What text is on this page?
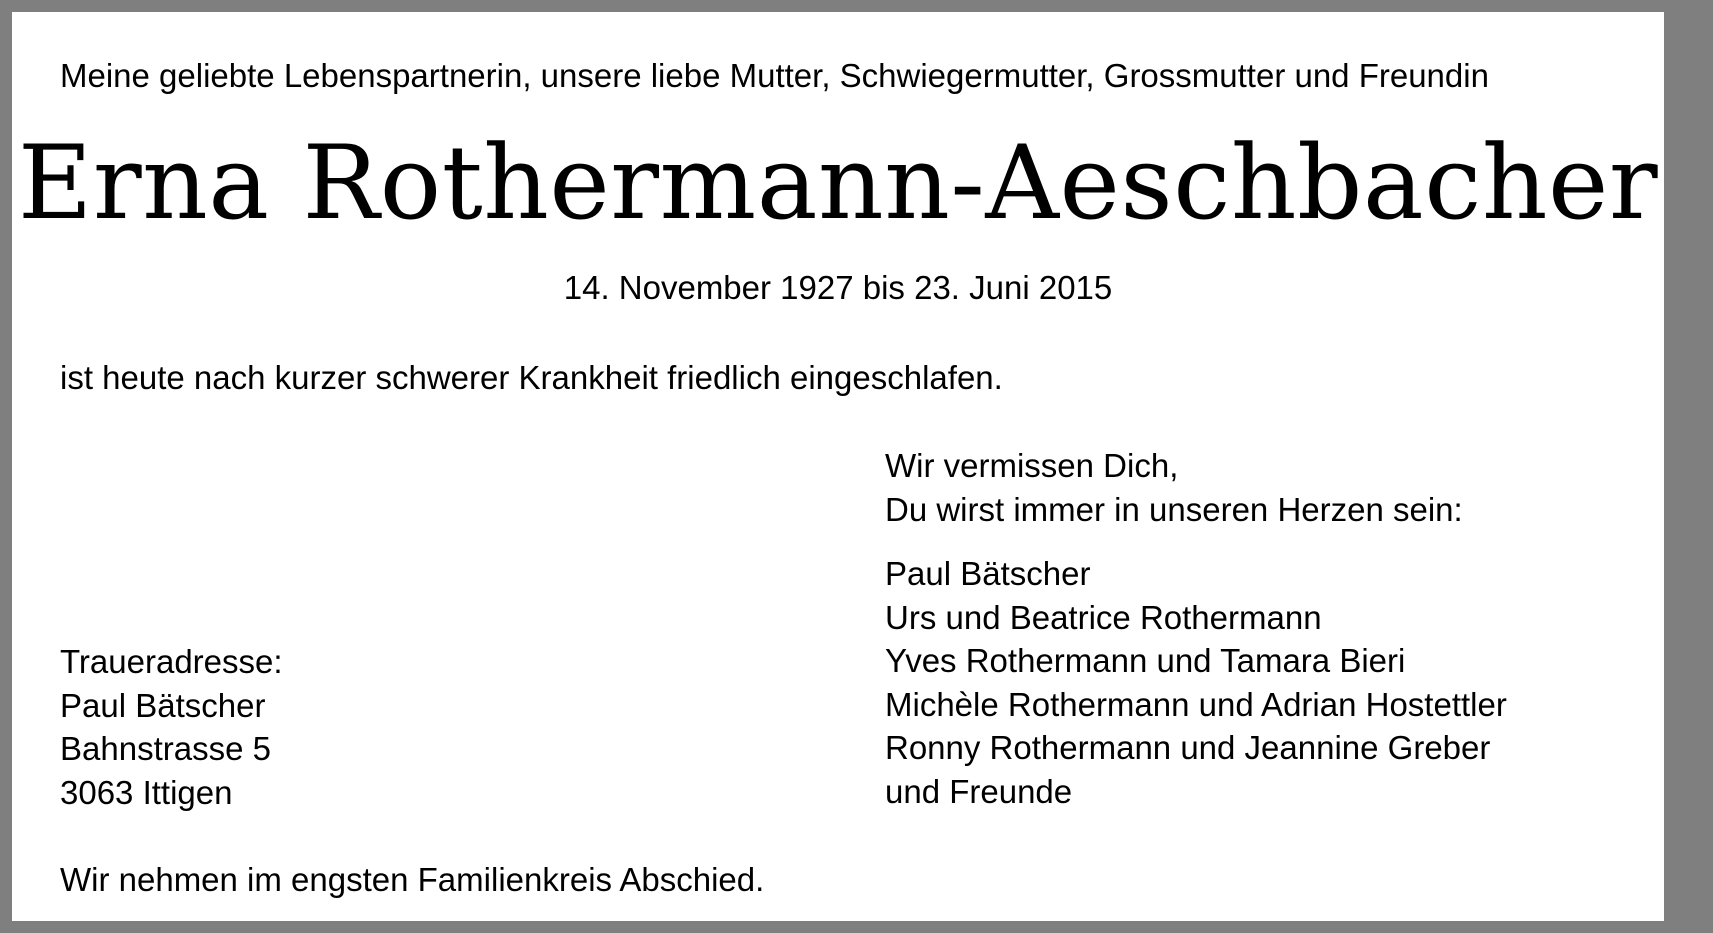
Meine geliebte Lebenspartnerin, unsere liebe Mutter, Schwiegermutter, Grossmutter und Freundin
Erna Rothermann-Aeschbacher
14. November 1927 bis 23. Juni 2015
ist heute nach kurzer schwerer Krankheit friedlich eingeschlafen.
Wir vermissen Dich,
Du wirst immer in unseren Herzen sein:
Paul Bätscher
Urs und Beatrice Rothermann
Yves Rothermann und Tamara Bieri
Michèle Rothermann und Adrian Hostettler
Ronny Rothermann und Jeannine Greber
und Freunde
Traueradresse:
Paul Bätscher
Bahnstrasse 5
3063 Ittigen
Wir nehmen im engsten Familienkreis Abschied.
